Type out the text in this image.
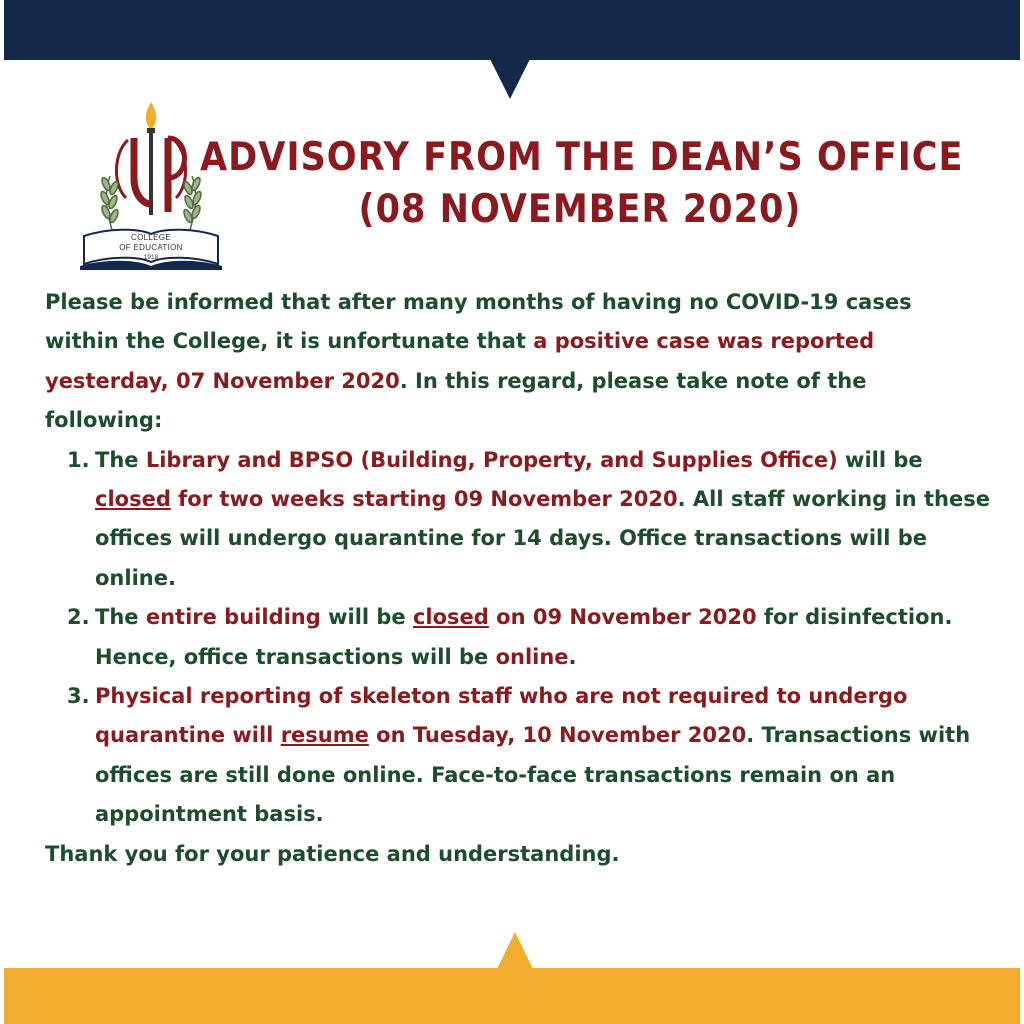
COLLEGE
OF EDUCATION
1918
ADVISORY FROM THE DEAN’S OFFICE
(08 NOVEMBER 2020)

Please be informed that after many months of having no COVID-19 cases within the College, it is unfortunate that a positive case was reported yesterday, 07 November 2020. In this regard, please take note of the following:

1. The Library and BPSO (Building, Property, and Supplies Office) will be closed for two weeks starting 09 November 2020. All staff working in these offices will undergo quarantine for 14 days. Office transactions will be online.
2. The entire building will be closed on 09 November 2020 for disinfection. Hence, office transactions will be online.
3. Physical reporting of skeleton staff who are not required to undergo quarantine will resume on Tuesday, 10 November 2020. Transactions with offices are still done online. Face-to-face transactions remain on an appointment basis.

Thank you for your patience and understanding.
